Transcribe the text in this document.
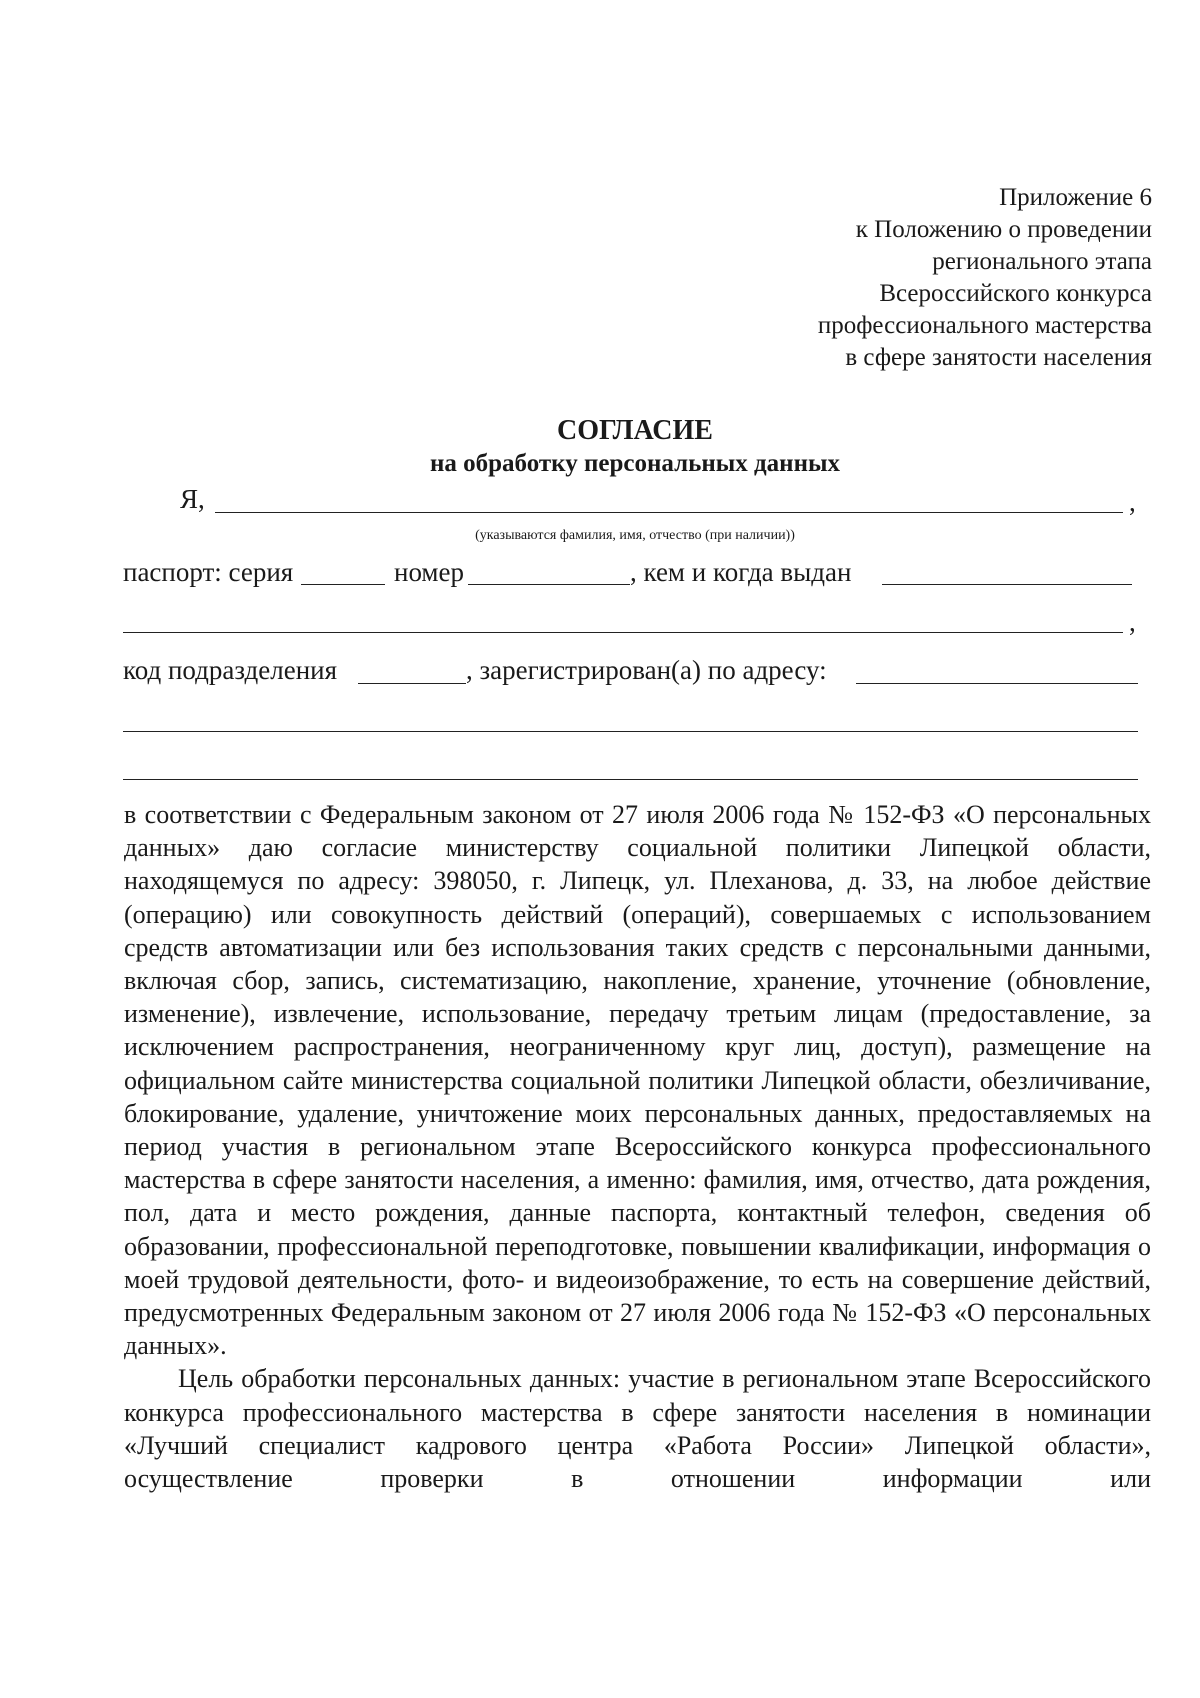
Приложение 6
к Положению о проведении
регионального этапа
Всероссийского конкурса
профессионального мастерства
в сфере занятости населения
СОГЛАСИЕ
на обработку персональных данных
Я,	,
(указываются фамилия, имя, отчество (при наличии))
паспорт: серия	номер	, кем и когда выдан
,
код подразделения	, зарегистрирован(а) по адресу:

в соответствии с Федеральным законом от 27 июля 2006 года № 152-ФЗ «О персональных данных» даю согласие министерству социальной политики Липецкой области, находящемуся по адресу: 398050, г. Липецк, ул. Плеханова, д. 33, на любое действие (операцию) или совокупность действий (операций), совершаемых с использованием средств автоматизации или без использования таких средств с персональными данными, включая сбор, запись, систематизацию, накопление, хранение, уточнение (обновление, изменение), извлечение, использование, передачу третьим лицам (предоставление, за исключением распространения, неограниченному круг лиц, доступ), размещение на официальном сайте министерства социальной политики Липецкой области, обезличивание, блокирование, удаление, уничтожение моих персональных данных, предоставляемых на период участия в региональном этапе Всероссийского конкурса профессионального мастерства в сфере занятости населения, а именно: фамилия, имя, отчество, дата рождения, пол, дата и место рождения, данные паспорта, контактный телефон, сведения об образовании, профессиональной переподготовке, повышении квалификации, информация о моей трудовой деятельности, фото- и видеоизображение, то есть на совершение действий, предусмотренных Федеральным законом от 27 июля 2006 года № 152-ФЗ «О персональных данных».

Цель обработки персональных данных: участие в региональном этапе Всероссийского конкурса профессионального мастерства в сфере занятости населения в номинации «Лучший специалист кадрового центра «Работа России» Липецкой области», осуществление проверки в отношении информации или
